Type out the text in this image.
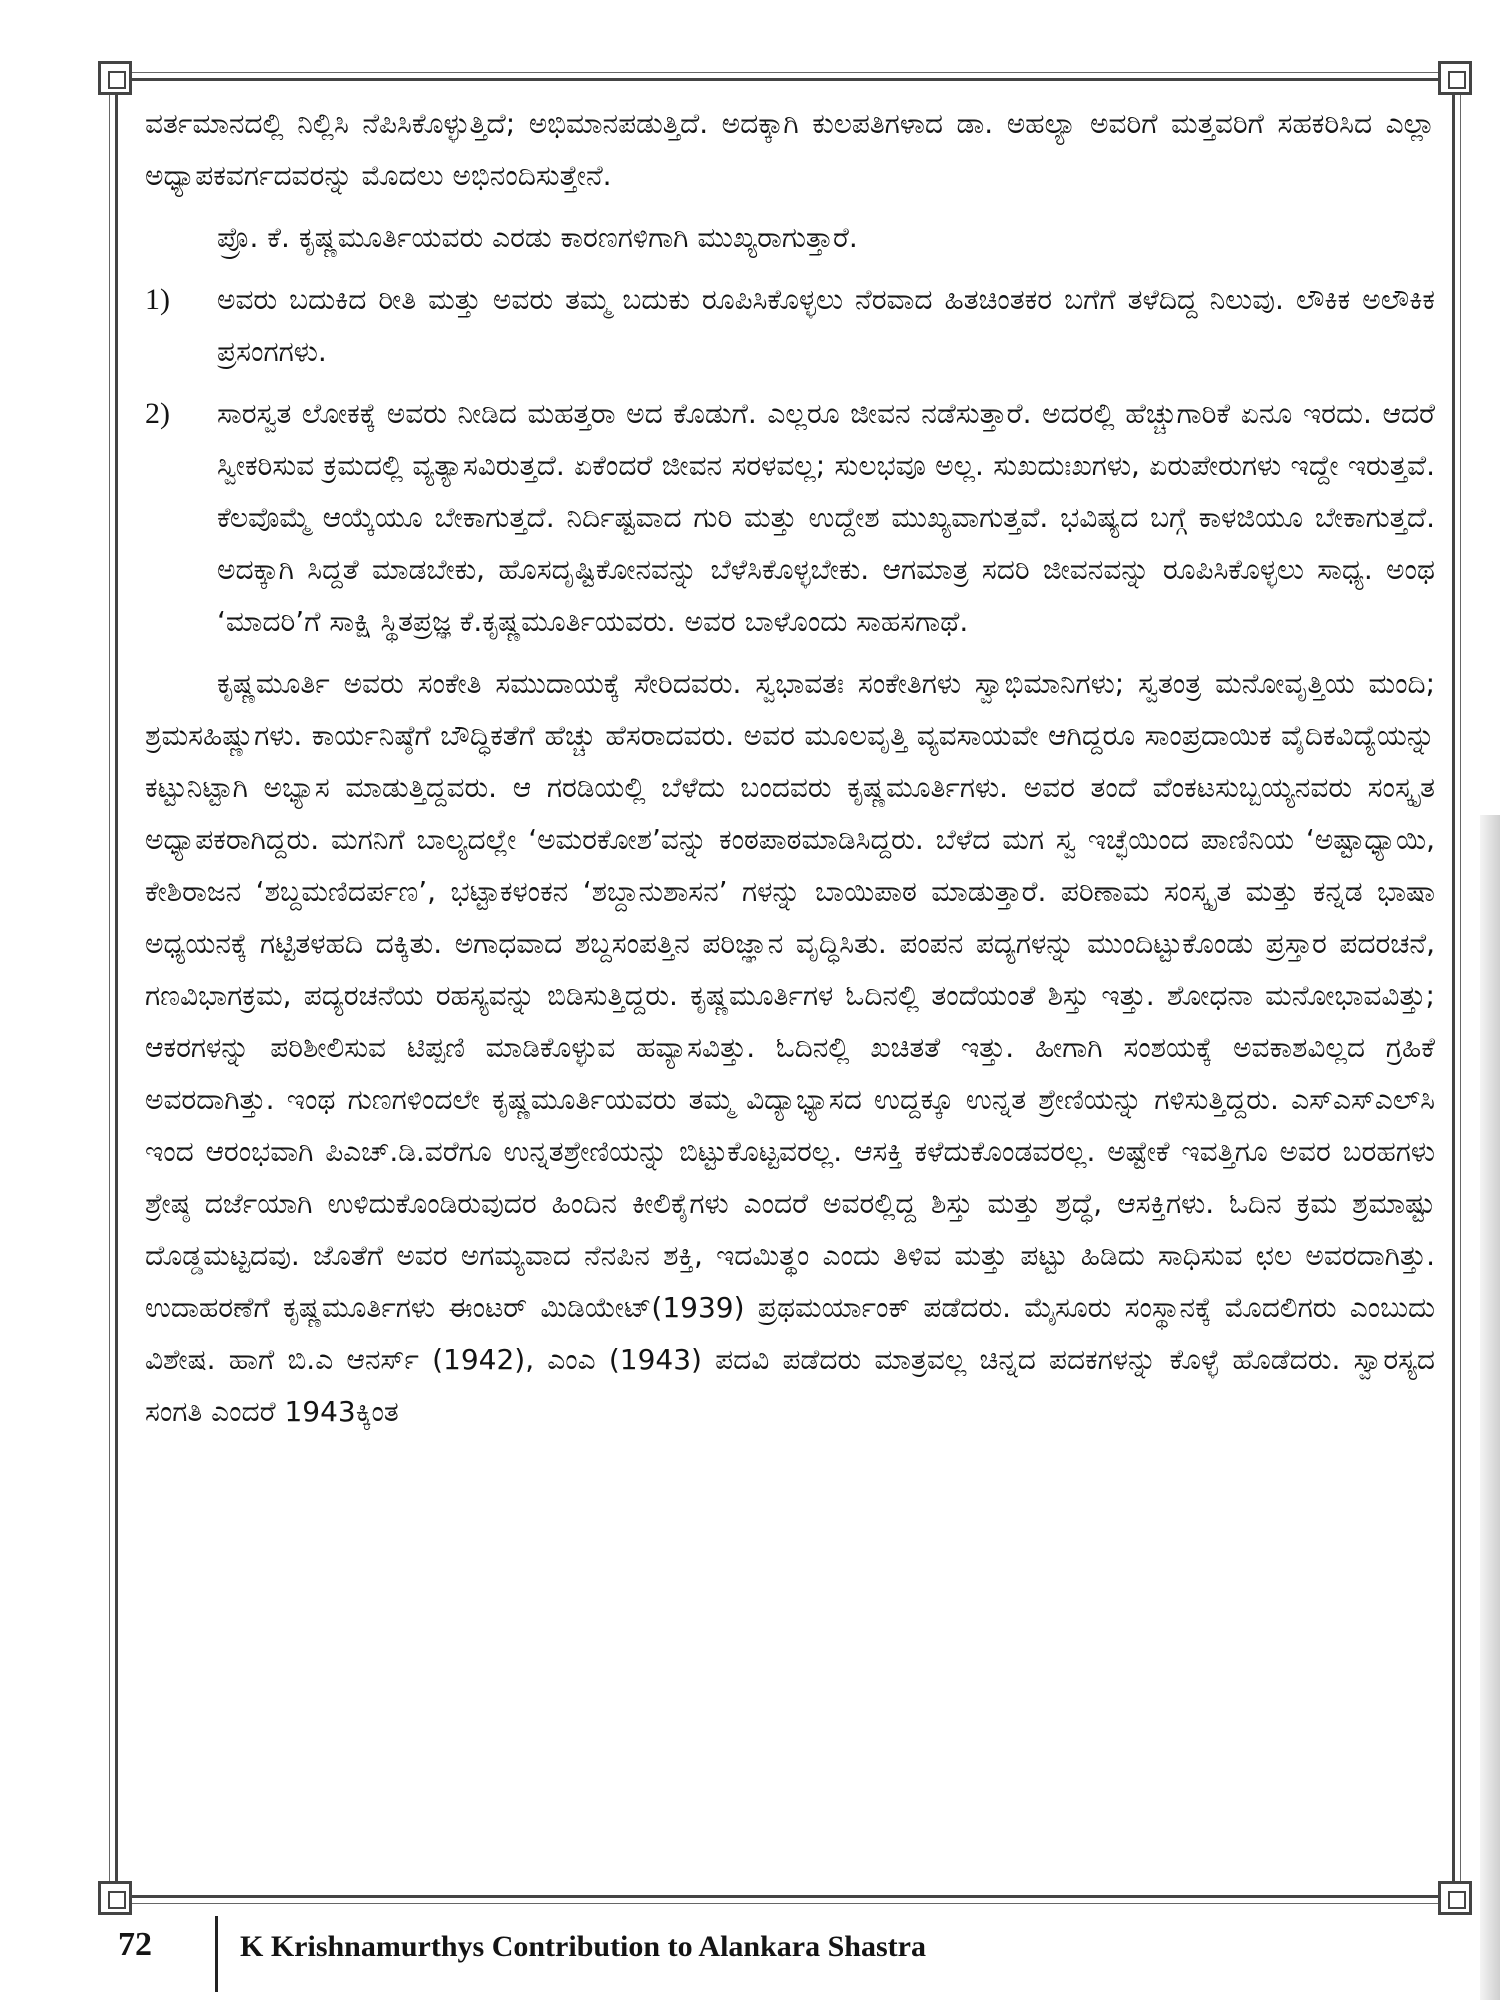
ವರ್ತಮಾನದಲ್ಲಿ ನಿಲ್ಲಿಸಿ ನೆಪಿಸಿಕೊಳ್ಳುತ್ತಿದೆ; ಅಭಿಮಾನಪಡುತ್ತಿದೆ. ಅದಕ್ಕಾಗಿ ಕುಲಪತಿಗಳಾದ ಡಾ. ಅಹಲ್ಯಾ ಅವರಿಗೆ ಮತ್ತವರಿಗೆ ಸಹಕರಿಸಿದ ಎಲ್ಲಾ ಅಧ್ಯಾಪಕವರ್ಗದವರನ್ನು ಮೊದಲು ಅಭಿನಂದಿಸುತ್ತೇನೆ.

ಪ್ರೊ. ಕೆ. ಕೃಷ್ಣಮೂರ್ತಿಯವರು ಎರಡು ಕಾರಣಗಳಿಗಾಗಿ ಮುಖ್ಯರಾಗುತ್ತಾರೆ.

1)	ಅವರು ಬದುಕಿದ ರೀತಿ ಮತ್ತು ಅವರು ತಮ್ಮ ಬದುಕು ರೂಪಿಸಿಕೊಳ್ಳಲು ನೆರವಾದ ಹಿತಚಿಂತಕರ ಬಗೆಗೆ ತಳೆದಿದ್ದ ನಿಲುವು. ಲೌಕಿಕ ಅಲೌಕಿಕ ಪ್ರಸಂಗಗಳು.
2)	ಸಾರಸ್ವತ ಲೋಕಕ್ಕೆ ಅವರು ನೀಡಿದ ಮಹತ್ತರಾ ಅದ ಕೊಡುಗೆ. ಎಲ್ಲರೂ ಜೀವನ ನಡೆಸುತ್ತಾರೆ. ಅದರಲ್ಲಿ ಹೆಚ್ಚುಗಾರಿಕೆ ಏನೂ ಇರದು. ಆದರೆ ಸ್ವೀಕರಿಸುವ ಕ್ರಮದಲ್ಲಿ ವ್ಯತ್ಯಾಸವಿರುತ್ತದೆ. ಏಕೆಂದರೆ ಜೀವನ ಸರಳವಲ್ಲ; ಸುಲಭವೂ ಅಲ್ಲ. ಸುಖದುಃಖಗಳು, ಏರುಪೇರುಗಳು ಇದ್ದೇ ಇರುತ್ತವೆ. ಕೆಲವೊಮ್ಮೆ ಆಯ್ಕೆಯೂ ಬೇಕಾಗುತ್ತದೆ. ನಿರ್ದಿಷ್ಟವಾದ ಗುರಿ ಮತ್ತು ಉದ್ದೇಶ ಮುಖ್ಯವಾಗುತ್ತವೆ. ಭವಿಷ್ಯದ ಬಗ್ಗೆ ಕಾಳಜಿಯೂ ಬೇಕಾಗುತ್ತದೆ. ಅದಕ್ಕಾಗಿ ಸಿದ್ದತೆ ಮಾಡಬೇಕು, ಹೊಸದೃಷ್ಟಿಕೋನವನ್ನು ಬೆಳೆಸಿಕೊಳ್ಳಬೇಕು. ಆಗಮಾತ್ರ ಸದರಿ ಜೀವನವನ್ನು ರೂಪಿಸಿಕೊಳ್ಳಲು ಸಾಧ್ಯ. ಅಂಥ ‘ಮಾದರಿ’ಗೆ ಸಾಕ್ಷಿ ಸ್ಥಿತಪ್ರಜ್ಞ ಕೆ.ಕೃಷ್ಣಮೂರ್ತಿಯವರು. ಅವರ ಬಾಳೊಂದು ಸಾಹಸಗಾಥೆ.

ಕೃಷ್ಣಮೂರ್ತಿ ಅವರು ಸಂಕೇತಿ ಸಮುದಾಯಕ್ಕೆ ಸೇರಿದವರು. ಸ್ವಭಾವತಃ ಸಂಕೇತಿಗಳು ಸ್ವಾಭಿಮಾನಿಗಳು; ಸ್ವತಂತ್ರ ಮನೋವೃತ್ತಿಯ ಮಂದಿ; ಶ್ರಮಸಹಿಷ್ಣುಗಳು. ಕಾರ್ಯನಿಷ್ಠೆಗೆ ಬೌದ್ಧಿಕತೆಗೆ ಹೆಚ್ಚು ಹೆಸರಾದವರು. ಅವರ ಮೂಲವೃತ್ತಿ ವ್ಯವಸಾಯವೇ ಆಗಿದ್ದರೂ ಸಾಂಪ್ರದಾಯಿಕ ವೈದಿಕವಿದ್ಯೆಯನ್ನು ಕಟ್ಟುನಿಟ್ಟಾಗಿ ಅಭ್ಯಾಸ ಮಾಡುತ್ತಿದ್ದವರು. ಆ ಗರಡಿಯಲ್ಲಿ ಬೆಳೆದು ಬಂದವರು ಕೃಷ್ಣಮೂರ್ತಿಗಳು. ಅವರ ತಂದೆ ವೆಂಕಟಸುಬ್ಬಯ್ಯನವರು ಸಂಸ್ಕೃತ ಅಧ್ಯಾಪಕರಾಗಿದ್ದರು. ಮಗನಿಗೆ ಬಾಲ್ಯದಲ್ಲೇ ‘ಅಮರಕೋಶ’ವನ್ನು ಕಂಠಪಾಠಮಾಡಿಸಿದ್ದರು. ಬೆಳೆದ ಮಗ ಸ್ವ ಇಚ್ಛೆಯಿಂದ ಪಾಣಿನಿಯ ‘ಅಷ್ಟಾಧ್ಯಾಯಿ, ಕೇಶಿರಾಜನ ‘ಶಬ್ದಮಣಿದರ್ಪಣ’, ಭಟ್ಟಾಕಳಂಕನ ‘ಶಬ್ದಾನುಶಾಸನ’ ಗಳನ್ನು ಬಾಯಿಪಾಠ ಮಾಡುತ್ತಾರೆ. ಪರಿಣಾಮ ಸಂಸ್ಕೃತ ಮತ್ತು ಕನ್ನಡ ಭಾಷಾ ಅಧ್ಯಯನಕ್ಕೆ ಗಟ್ಟಿತಳಹದಿ ದಕ್ಕಿತು. ಅಗಾಧವಾದ ಶಬ್ದಸಂಪತ್ತಿನ ಪರಿಜ್ಞಾನ ವೃದ್ಧಿಸಿತು. ಪಂಪನ ಪದ್ಯಗಳನ್ನು ಮುಂದಿಟ್ಟುಕೊಂಡು ಪ್ರಸ್ತಾರ ಪದರಚನೆ, ಗಣವಿಭಾಗಕ್ರಮ, ಪದ್ಯರಚನೆಯ ರಹಸ್ಯವನ್ನು ಬಿಡಿಸುತ್ತಿದ್ದರು. ಕೃಷ್ಣಮೂರ್ತಿಗಳ ಓದಿನಲ್ಲಿ ತಂದೆಯಂತೆ ಶಿಸ್ತು ಇತ್ತು. ಶೋಧನಾ ಮನೋಭಾವವಿತ್ತು; ಆಕರಗಳನ್ನು ಪರಿಶೀಲಿಸುವ ಟಿಪ್ಪಣಿ ಮಾಡಿಕೊಳ್ಳುವ ಹವ್ಯಾಸವಿತ್ತು. ಓದಿನಲ್ಲಿ ಖಚಿತತೆ ಇತ್ತು. ಹೀಗಾಗಿ ಸಂಶಯಕ್ಕೆ ಅವಕಾಶವಿಲ್ಲದ ಗ್ರಹಿಕೆ ಅವರದಾಗಿತ್ತು. ಇಂಥ ಗುಣಗಳಿಂದಲೇ ಕೃಷ್ಣಮೂರ್ತಿಯವರು ತಮ್ಮ ವಿದ್ಯಾಭ್ಯಾಸದ ಉದ್ದಕ್ಕೂ ಉನ್ನತ ಶ್ರೇಣಿಯನ್ನು ಗಳಿಸುತ್ತಿದ್ದರು. ಎಸ್‌ಎಸ್‌ಎಲ್‌ಸಿ ಇಂದ ಆರಂಭವಾಗಿ ಪಿಎಚ್.ಡಿ.ವರೆಗೂ ಉನ್ನತಶ್ರೇಣಿಯನ್ನು ಬಿಟ್ಟುಕೊಟ್ಟವರಲ್ಲ. ಆಸಕ್ತಿ ಕಳೆದುಕೊಂಡವರಲ್ಲ. ಅಷ್ಟೇಕೆ ಇವತ್ತಿಗೂ ಅವರ ಬರಹಗಳು ಶ್ರೇಷ್ಠ ದರ್ಜೆಯಾಗಿ ಉಳಿದುಕೊಂಡಿರುವುದರ ಹಿಂದಿನ ಕೀಲಿಕೈಗಳು ಎಂದರೆ ಅವರಲ್ಲಿದ್ದ ಶಿಸ್ತು ಮತ್ತು ಶ್ರದ್ಧೆ, ಆಸಕ್ತಿಗಳು. ಓದಿನ ಕ್ರಮ ಶ್ರಮಾಷ್ಟು ದೊಡ್ಡಮಟ್ಟದವು. ಜೊತೆಗೆ ಅವರ ಅಗಮ್ಯವಾದ ನೆನಪಿನ ಶಕ್ತಿ, ಇದಮಿತ್ಥಂ ಎಂದು ತಿಳಿವ ಮತ್ತು ಪಟ್ಟು ಹಿಡಿದು ಸಾಧಿಸುವ ಛಲ ಅವರದಾಗಿತ್ತು. ಉದಾಹರಣೆಗೆ ಕೃಷ್ಣಮೂರ್ತಿಗಳು ಈಂಟರ್ ಮಿಡಿಯೇಟ್(1939) ಪ್ರಥಮರ್ಯಾಂಕ್ ಪಡೆದರು. ಮೈಸೂರು ಸಂಸ್ಥಾನಕ್ಕೆ ಮೊದಲಿಗರು ಎಂಬುದು ವಿಶೇಷ. ಹಾಗೆ ಬಿ.ಎ ಆನರ್ಸ್ (1942), ಎಂಎ (1943) ಪದವಿ ಪಡೆದರು ಮಾತ್ರವಲ್ಲ ಚಿನ್ನದ ಪದಕಗಳನ್ನು ಕೊಳ್ಳೆ ಹೊಡೆದರು. ಸ್ವಾರಸ್ಯದ ಸಂಗತಿ ಎಂದರೆ 1943ಕ್ಕಿಂತ

72	K Krishnamurthys Contribution to Alankara Shastra
